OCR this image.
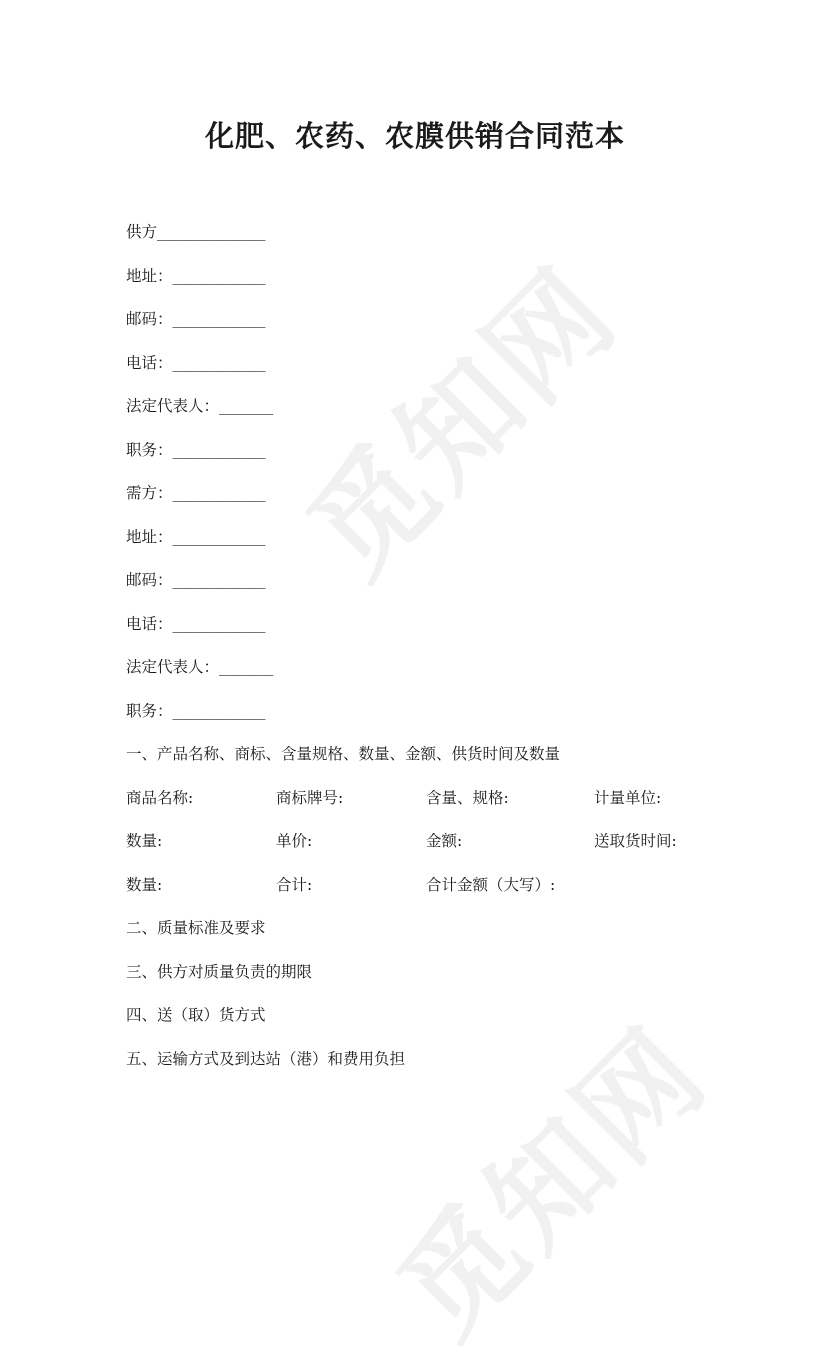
觅知网
觅知网
化肥、农药、农膜供销合同范本
供方______________
地址：____________
邮码：____________
电话：____________
法定代表人：_______
职务：____________
需方：____________
地址：____________
邮码：____________
电话：____________
法定代表人：_______
职务：____________
一、产品名称、商标、含量规格、数量、金额、供货时间及数量
商品名称:	商标牌号:	含量、规格:	计量单位:
数量:	单价:	金额:	送取货时间:
数量:	合计:	合计金额（大写）:
二、质量标准及要求
三、供方对质量负责的期限
四、送（取）货方式
五、运输方式及到达站（港）和费用负担
